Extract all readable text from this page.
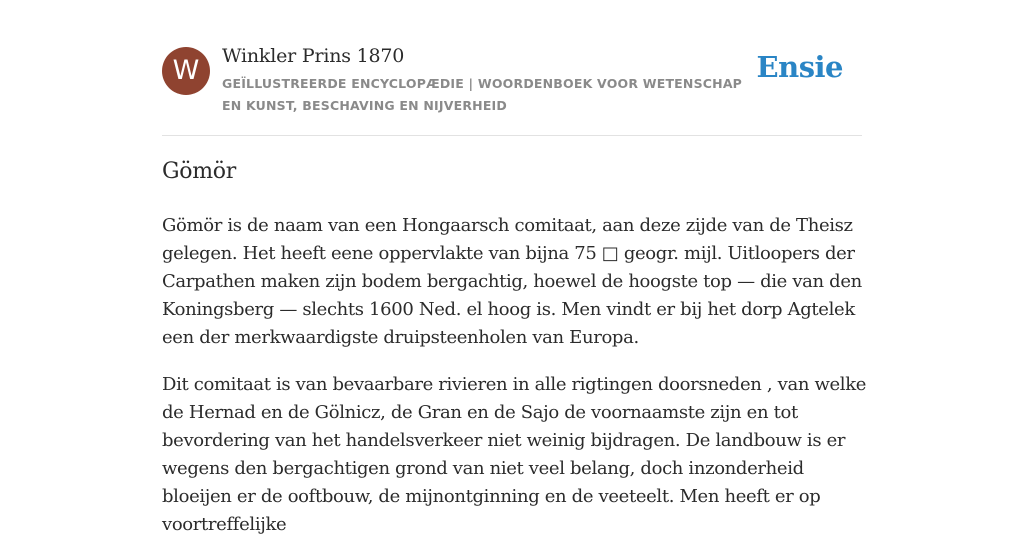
W	Winkler Prins 1870
GEÏLLUSTREERDE ENCYCLOPÆDIE | WOORDENBOEK VOOR WETENSCHAP EN KUNST, BESCHAVING EN NIJVERHEID
Ensie
Gömör

Gömör is de naam van een Hongaarsch comitaat, aan deze zijde van de Theisz gelegen. Het heeft eene oppervlakte van bijna 75 □ geogr. mijl. Uitloopers der Carpathen maken zijn bodem bergachtig, hoewel de hoogste top — die van den Koningsberg — slechts 1600 Ned. el hoog is. Men vindt er bij het dorp Agtelek een der merkwaardigste druipsteenholen van Europa.

Dit comitaat is van bevaarbare rivieren in alle rigtingen doorsneden , van welke de Hernad en de Gölnicz, de Gran en de Sajo de voornaamste zijn en tot bevordering van het handelsverkeer niet weinig bijdragen. De landbouw is er wegens den bergachtigen grond van niet veel belang, doch inzonderheid bloeijen er de ooftbouw, de mijnontginning en de veeteelt. Men heeft er op voortreffelijke
